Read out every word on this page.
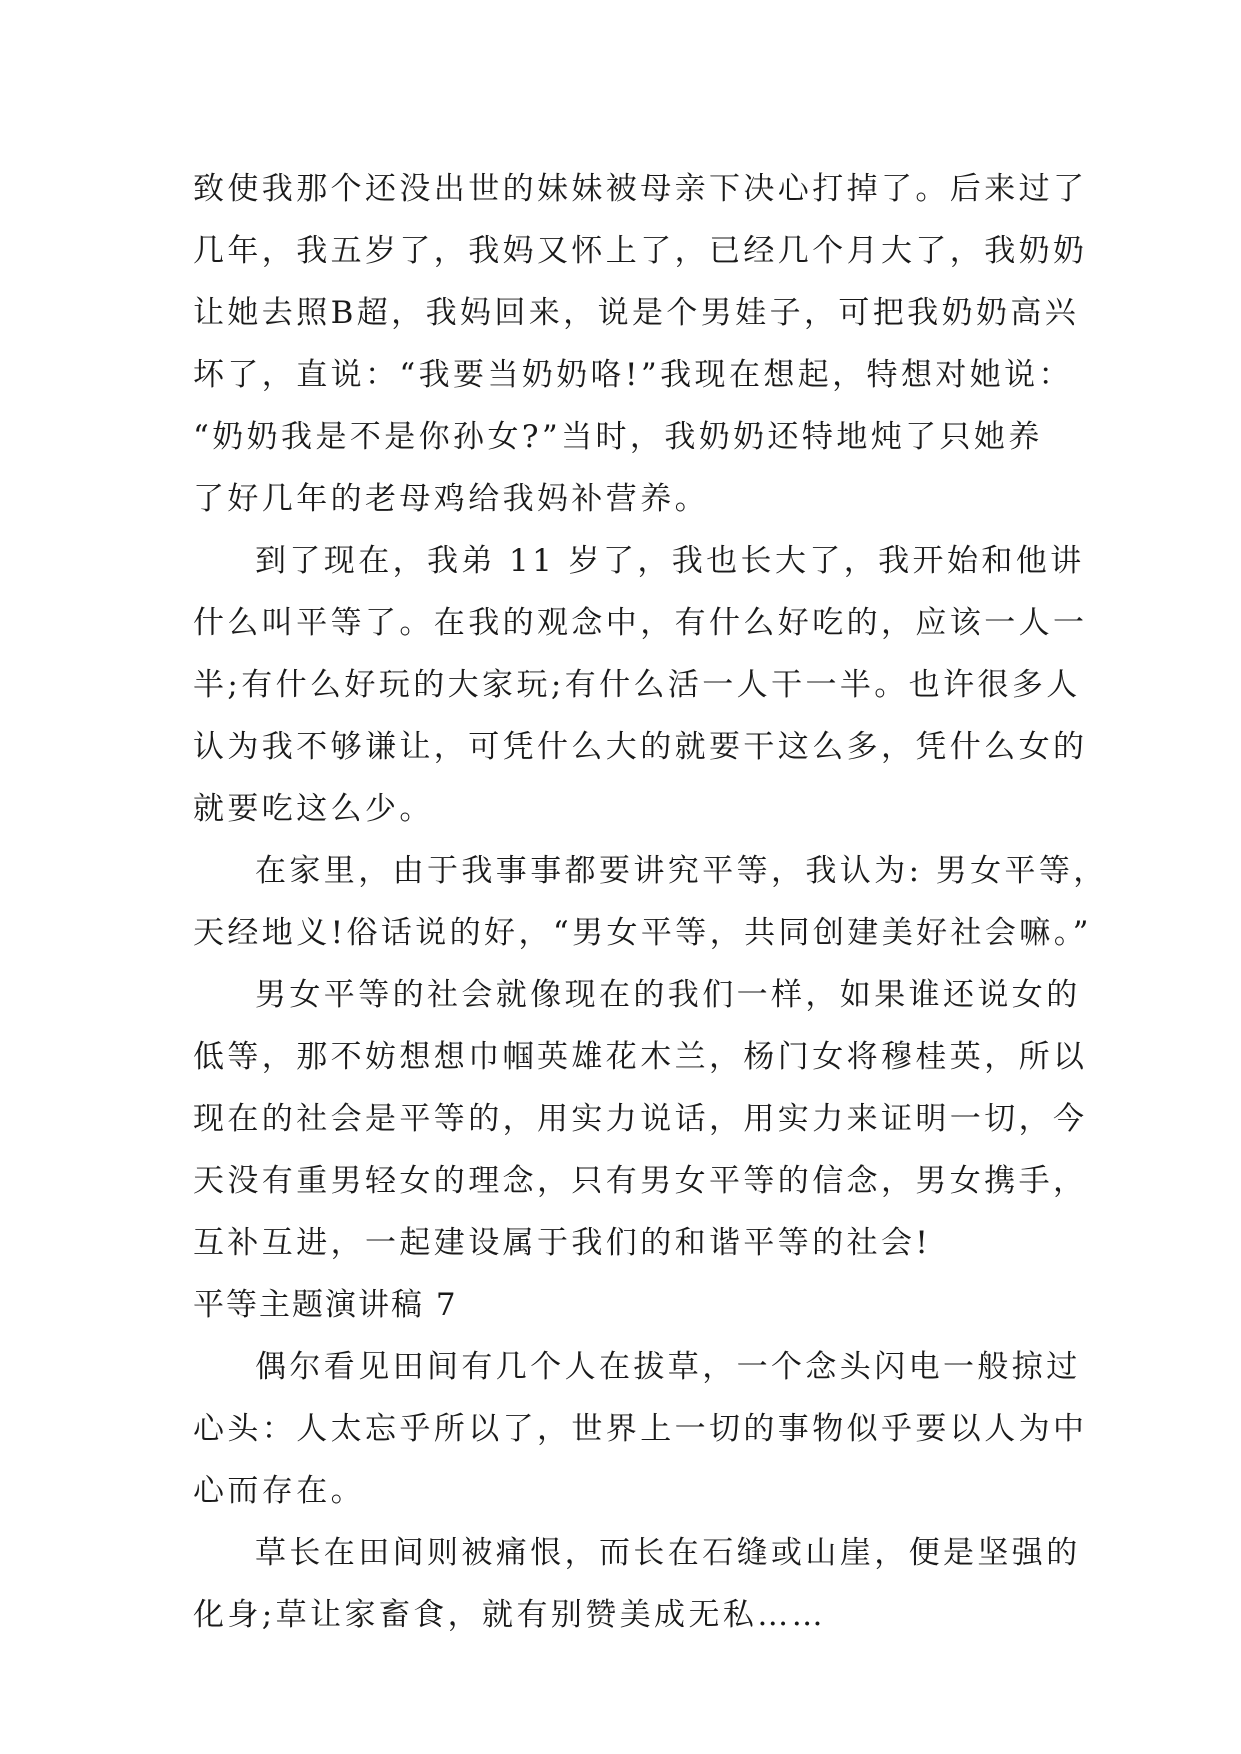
致使我那个还没出世的妹妹被母亲下决心打掉了。后来过了
几年，我五岁了，我妈又怀上了，已经几个月大了，我奶奶
让她去照B超，我妈回来，说是个男娃子，可把我奶奶高兴
坏了，直说：“我要当奶奶咯!”我现在想起，特想对她说：
“奶奶我是不是你孙女?”当时，我奶奶还特地炖了只她养
了好几年的老母鸡给我妈补营养。
到了现在，我弟 11 岁了，我也长大了，我开始和他讲
什么叫平等了。在我的观念中，有什么好吃的，应该一人一
半;有什么好玩的大家玩;有什么活一人干一半。也许很多人
认为我不够谦让，可凭什么大的就要干这么多，凭什么女的
就要吃这么少。
在家里，由于我事事都要讲究平等，我认为: 男女平等，
天经地义!俗话说的好，“男女平等，共同创建美好社会嘛。”
男女平等的社会就像现在的我们一样，如果谁还说女的
低等，那不妨想想巾帼英雄花木兰，杨门女将穆桂英，所以
现在的社会是平等的，用实力说话，用实力来证明一切，今
天没有重男轻女的理念，只有男女平等的信念，男女携手，
互补互进，一起建设属于我们的和谐平等的社会!
平等主题演讲稿 7
偶尔看见田间有几个人在拔草，一个念头闪电一般掠过
心头：人太忘乎所以了，世界上一切的事物似乎要以人为中
心而存在。
草长在田间则被痛恨，而长在石缝或山崖，便是坚强的
化身;草让家畜食，就有别赞美成无私……
